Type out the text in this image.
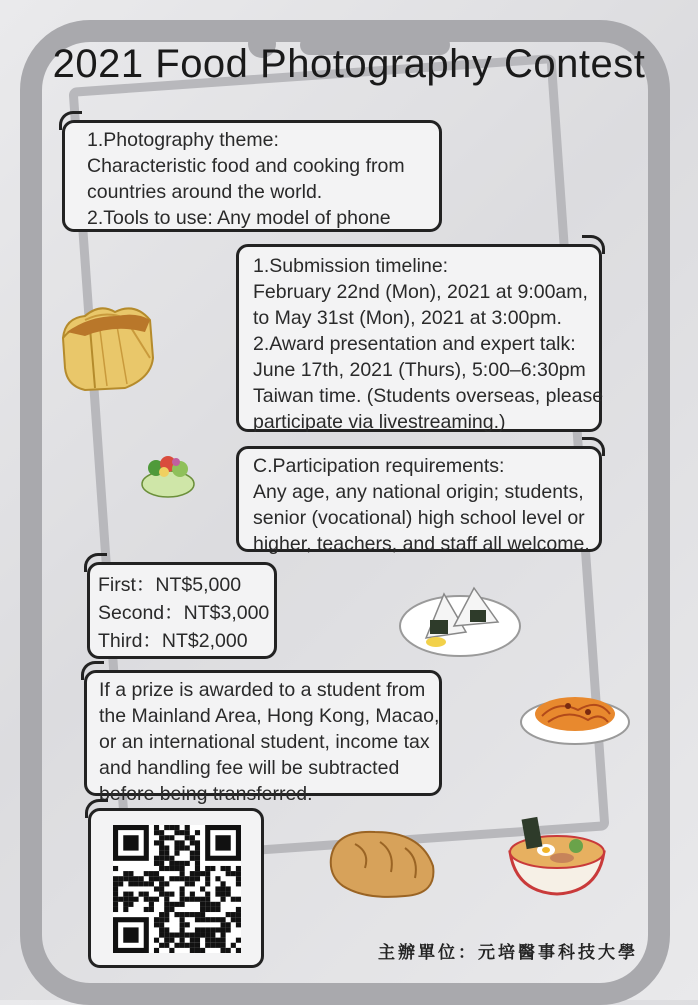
2021 Food Photography Contest

1.Photography theme:

Characteristic food and cooking from

countries around the world.

2.Tools to use: Any model of phone

1.Submission timeline:

February 22nd (Mon), 2021 at 9:00am,

to May 31st (Mon), 2021 at 3:00pm.

2.Award presentation and expert talk:

June 17th, 2021 (Thurs), 5:00–6:30pm

Taiwan time. (Students overseas, please

participate via livestreaming.)

C.Participation requirements:

Any age, any national origin; students,

senior (vocational) high school level or

higher, teachers, and staff all welcome.

First：NT$5,000

Second：NT$3,000

Third：NT$2,000

If a prize is awarded to a student from

the Mainland Area, Hong Kong, Macao,

or an international student, income tax

and handling fee will be subtracted

before being transferred.

主辦單位：元培醫事科技大學
